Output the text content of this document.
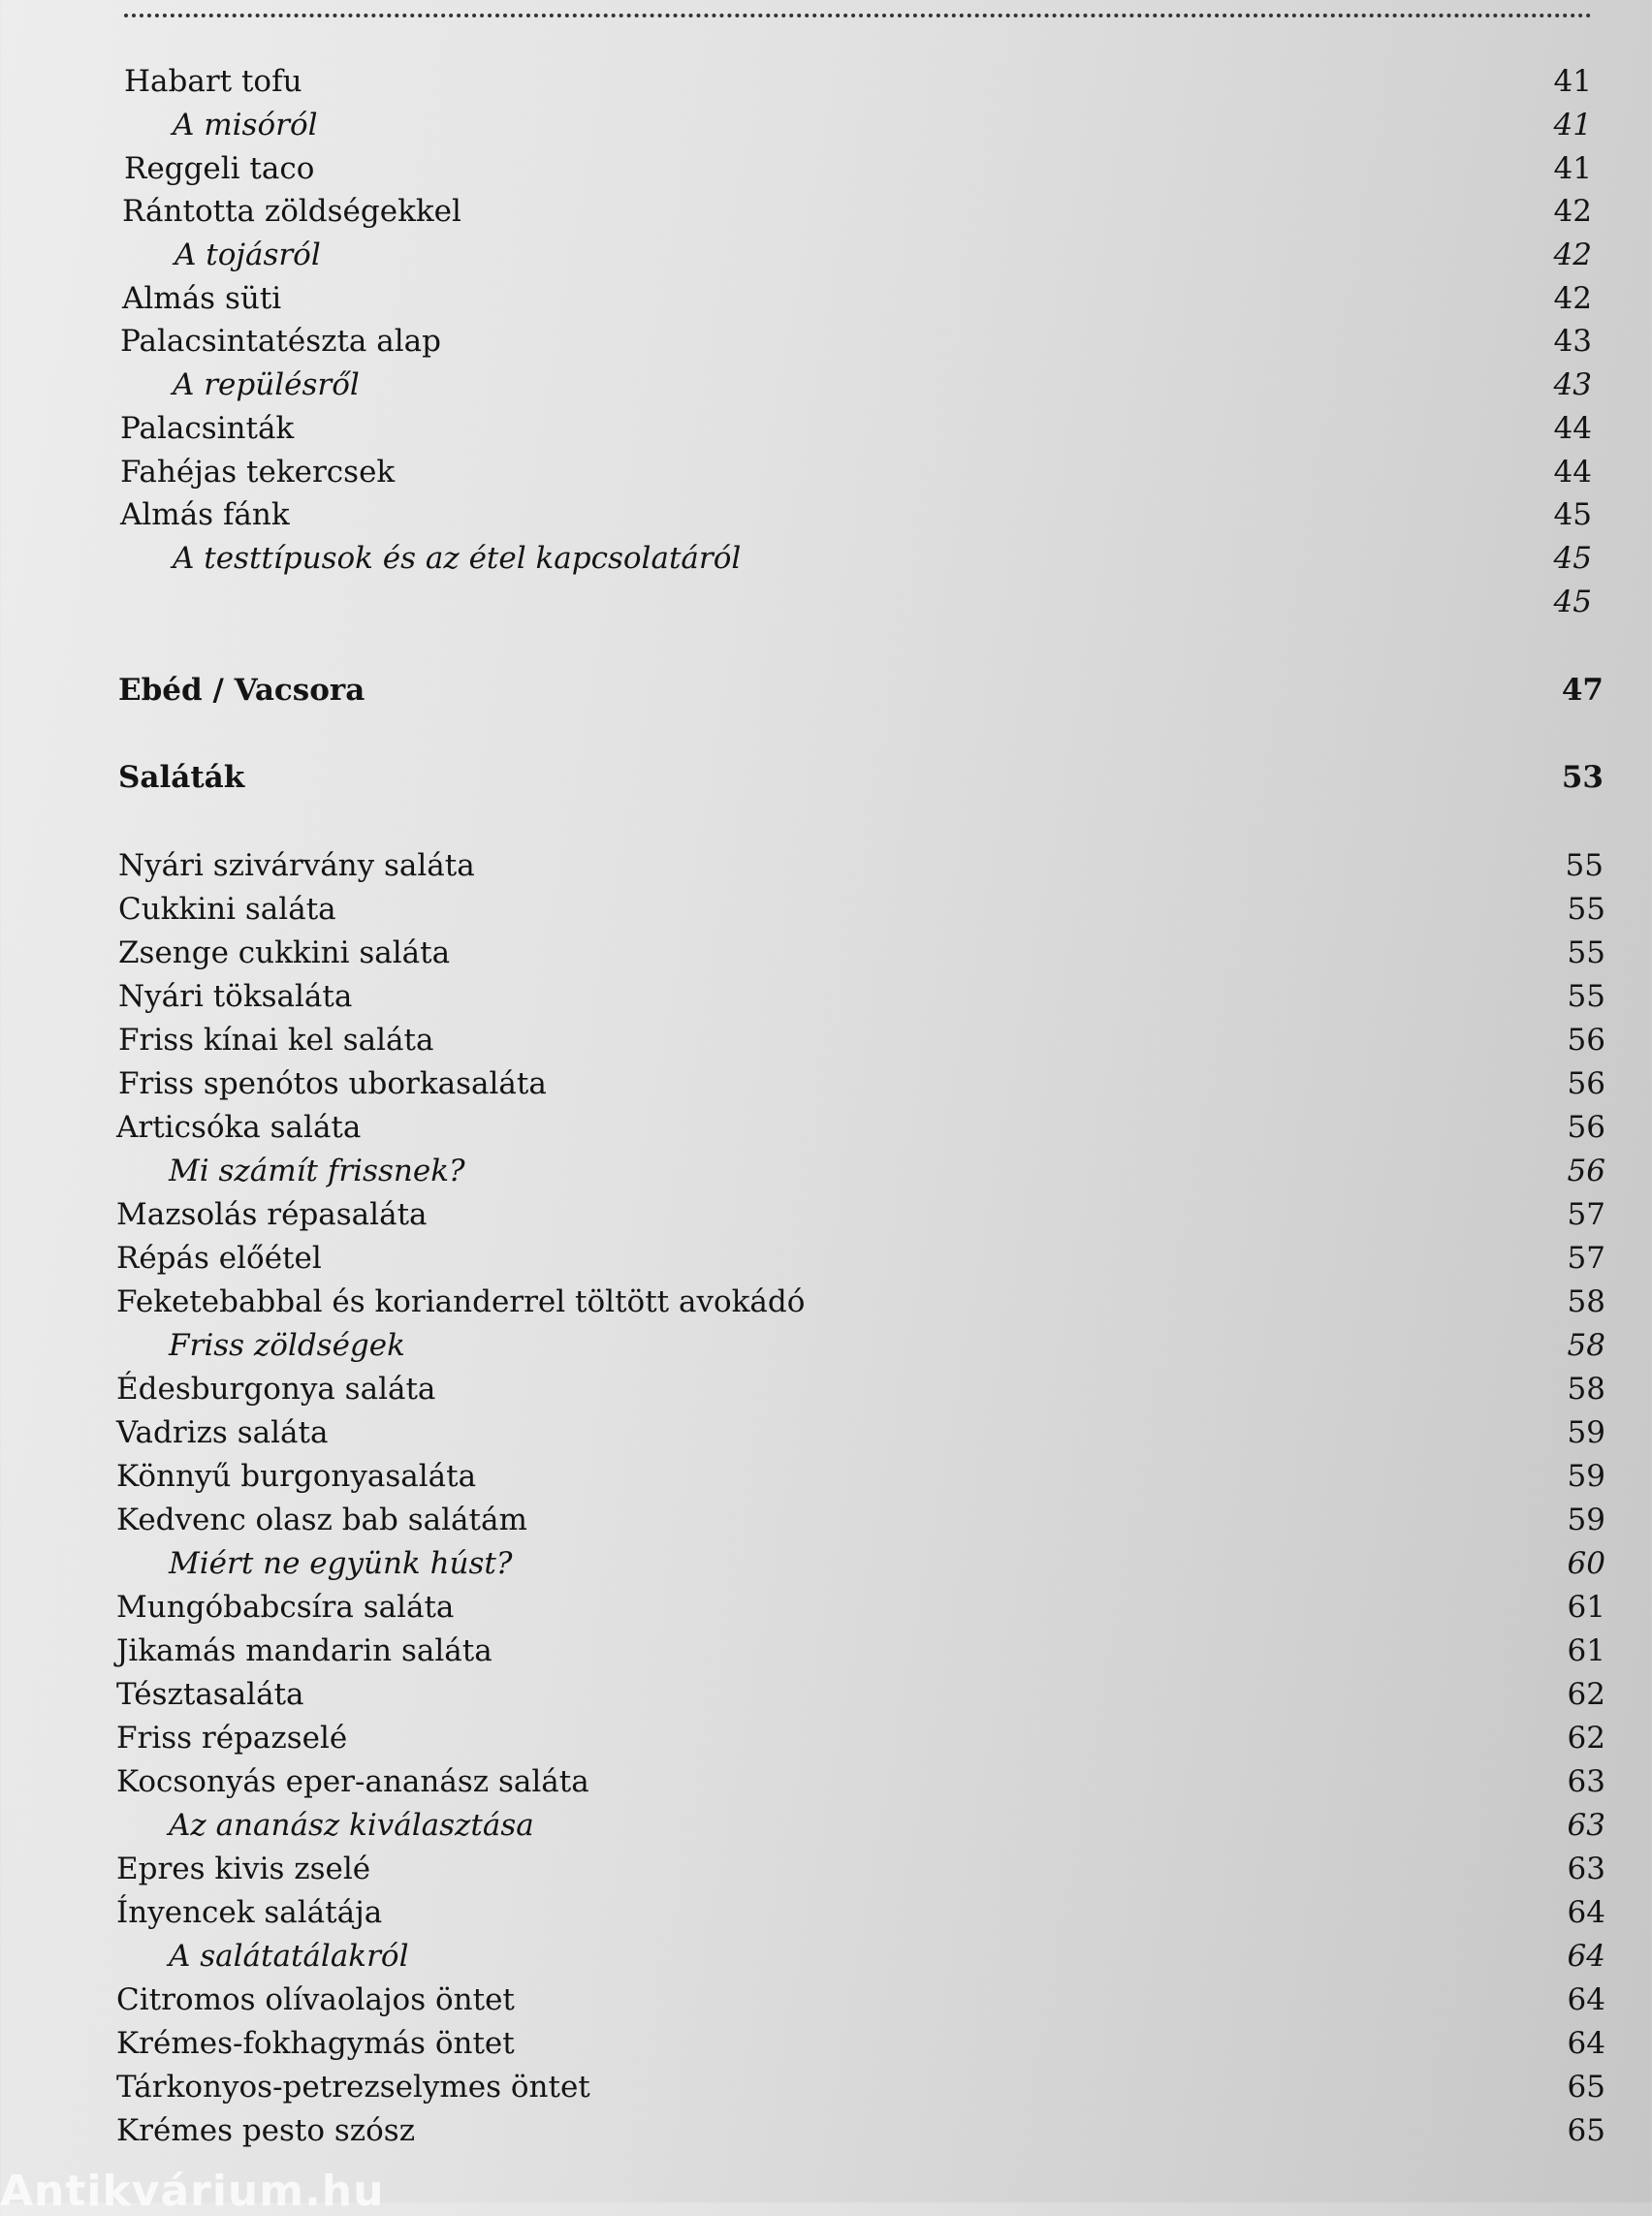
Habart tofu	41
A misóról	41
Reggeli taco	41
Rántotta zöldségekkel	42
A tojásról	42
Almás süti	42
Palacsintatészta alap	43
A repülésről	43
Palacsinták	44
Fahéjas tekercsek	44
Almás fánk	45
A testtípusok és az étel kapcsolatáról	45
45
Ebéd / Vacsora	47
Saláták	53
Nyári szivárvány saláta	55
Cukkini saláta	55
Zsenge cukkini saláta	55
Nyári töksaláta	55
Friss kínai kel saláta	56
Friss spenótos uborkasaláta	56
Articsóka saláta	56
Mi számít frissnek?	56
Mazsolás répasaláta	57
Répás előétel	57
Feketebabbal és korianderrel töltött avokádó	58
Friss zöldségek	58
Édesburgonya saláta	58
Vadrizs saláta	59
Könnyű burgonyasaláta	59
Kedvenc olasz bab salátám	59
Miért ne együnk húst?	60
Mungóbabcsíra saláta	61
Jikamás mandarin saláta	61
Tésztasaláta	62
Friss répazselé	62
Kocsonyás eper-ananász saláta	63
Az ananász kiválasztása	63
Epres kivis zselé	63
Ínyencek salátája	64
A salátatálakról	64
Citromos olívaolajos öntet	64
Krémes-fokhagymás öntet	64
Tárkonyos-petrezselymes öntet	65
Krémes pesto szósz	65
Antikvárium.hu
